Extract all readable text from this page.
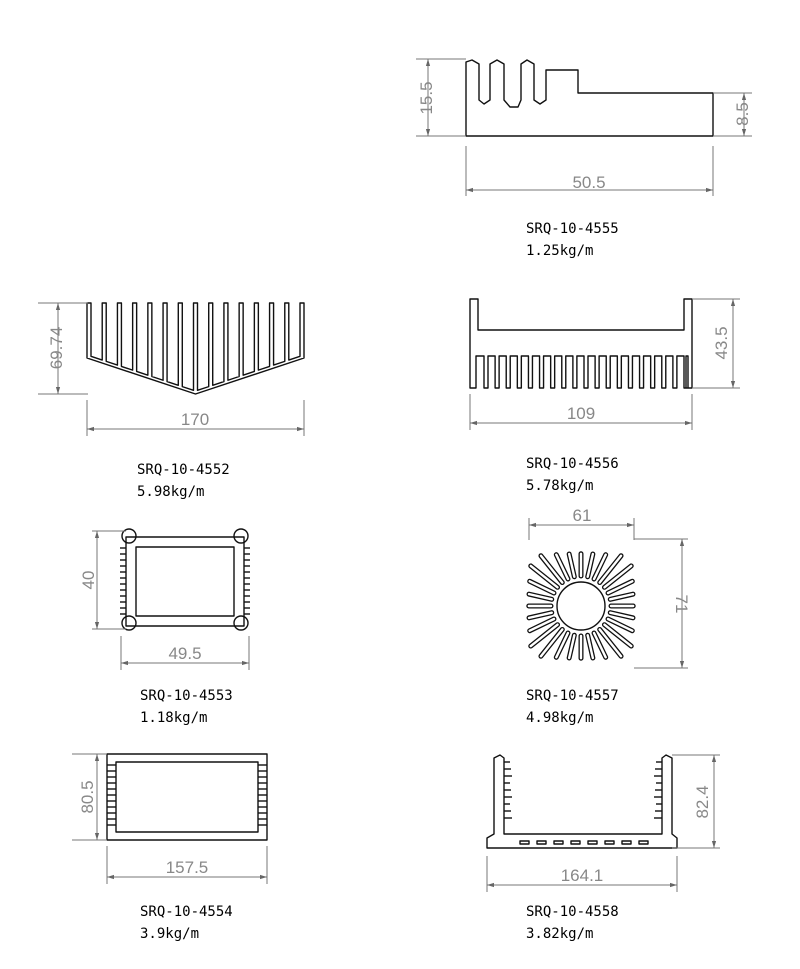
15.5	8.5
50.5
69.74
170
43.5
109
40
49.5
61
71
80.5
157.5
82.4
164.1
SRQ-10-4555
1.25kg/m
SRQ-10-4552
5.98kg/m
SRQ-10-4556
5.78kg/m
SRQ-10-4553
1.18kg/m
SRQ-10-4557
4.98kg/m
SRQ-10-4554
3.9kg/m
SRQ-10-4558
3.82kg/m
